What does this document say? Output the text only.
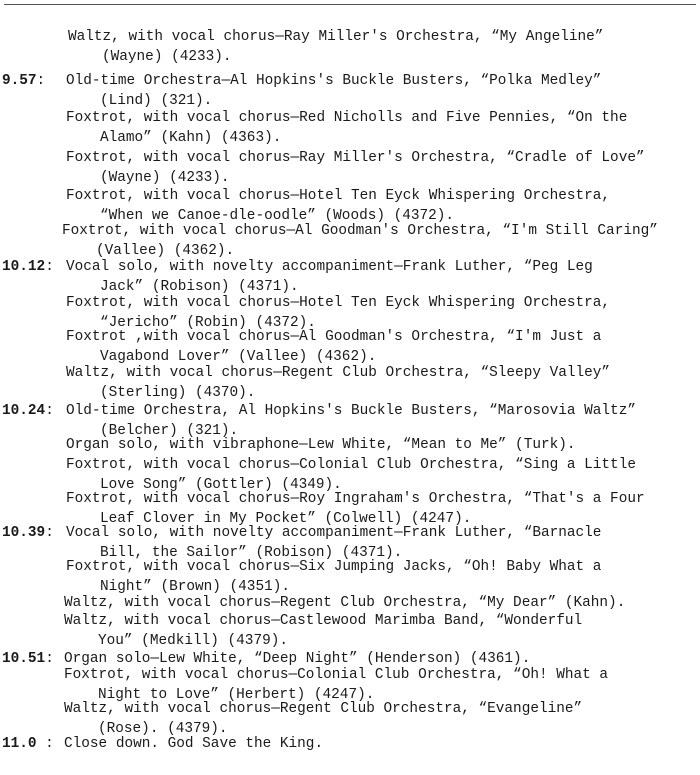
9.57:
10.12:
10.24:
10.39:
10.51:
11.0 :
Waltz, with vocal chorus—Ray Miller's Orchestra, “My Angeline”
(Wayne) (4233).
Old-time Orchestra—Al Hopkins's Buckle Busters, “Polka Medley”
(Lind) (321).
Foxtrot, with vocal chorus—Red Nicholls and Five Pennies, “On the
Alamo” (Kahn) (4363).
Foxtrot, with vocal chorus—Ray Miller's Orchestra, “Cradle of Love”
(Wayne) (4233).
Foxtrot, with vocal chorus—Hotel Ten Eyck Whispering Orchestra,
“When we Canoe-dle-oodle” (Woods) (4372).
Foxtrot, with vocal chorus—Al Goodman's Orchestra, “I'm Still Caring”
(Vallee) (4362).
Vocal solo, with novelty accompaniment—Frank Luther, “Peg Leg
Jack” (Robison) (4371).
Foxtrot, with vocal chorus—Hotel Ten Eyck Whispering Orchestra,
“Jericho” (Robin) (4372).
Foxtrot ,with vocal chorus—Al Goodman's Orchestra, “I'm Just a
Vagabond Lover” (Vallee) (4362).
Waltz, with vocal chorus—Regent Club Orchestra, “Sleepy Valley”
(Sterling) (4370).
Old-time Orchestra, Al Hopkins's Buckle Busters, “Marosovia Waltz”
(Belcher) (321).
Organ solo, with vibraphone—Lew White, “Mean to Me” (Turk).
Foxtrot, with vocal chorus—Colonial Club Orchestra, “Sing a Little
Love Song” (Gottler) (4349).
Foxtrot, with vocal chorus—Roy Ingraham's Orchestra, “That's a Four
Leaf Clover in My Pocket” (Colwell) (4247).
Vocal solo, with novelty accompaniment—Frank Luther, “Barnacle
Bill, the Sailor” (Robison) (4371).
Foxtrot, with vocal chorus—Six Jumping Jacks, “Oh! Baby What a
Night” (Brown) (4351).
Waltz, with vocal chorus—Regent Club Orchestra, “My Dear” (Kahn).
Waltz, with vocal chorus—Castlewood Marimba Band, “Wonderful
You” (Medkill) (4379).
Organ solo—Lew White, “Deep Night” (Henderson) (4361).
Foxtrot, with vocal chorus—Colonial Club Orchestra, “Oh! What a
Night to Love” (Herbert) (4247).
Waltz, with vocal chorus—Regent Club Orchestra, “Evangeline”
(Rose). (4379).
Close down. God Save the King.
